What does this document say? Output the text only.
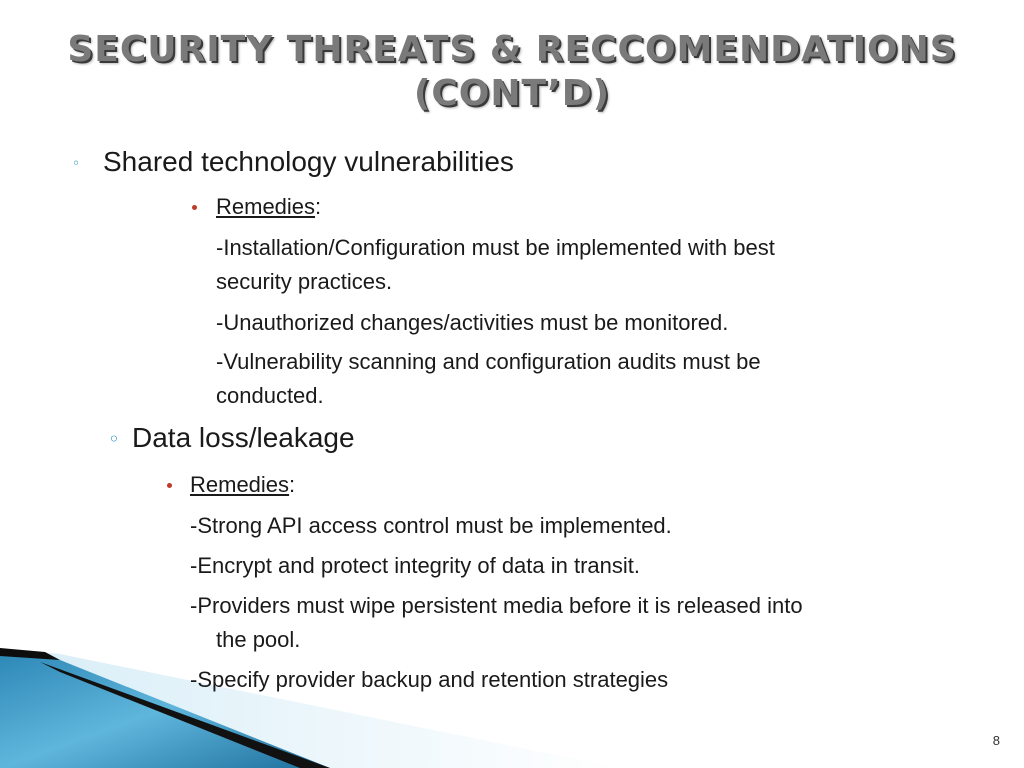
SECURITY THREATS & RECCOMENDATIONS
(CONT’D)
◦ Shared technology vulnerabilities
Remedies:
-Installation/Configuration must be implemented with best
security practices.
-Unauthorized changes/activities must be monitored.
-Vulnerability scanning and configuration audits must be
conducted.
◦ Data loss/leakage
Remedies:
-Strong API access control must be implemented.
-Encrypt and protect integrity of data in transit.
-Providers must wipe persistent media before it is released into
the pool.
-Specify provider backup and retention strategies
8
